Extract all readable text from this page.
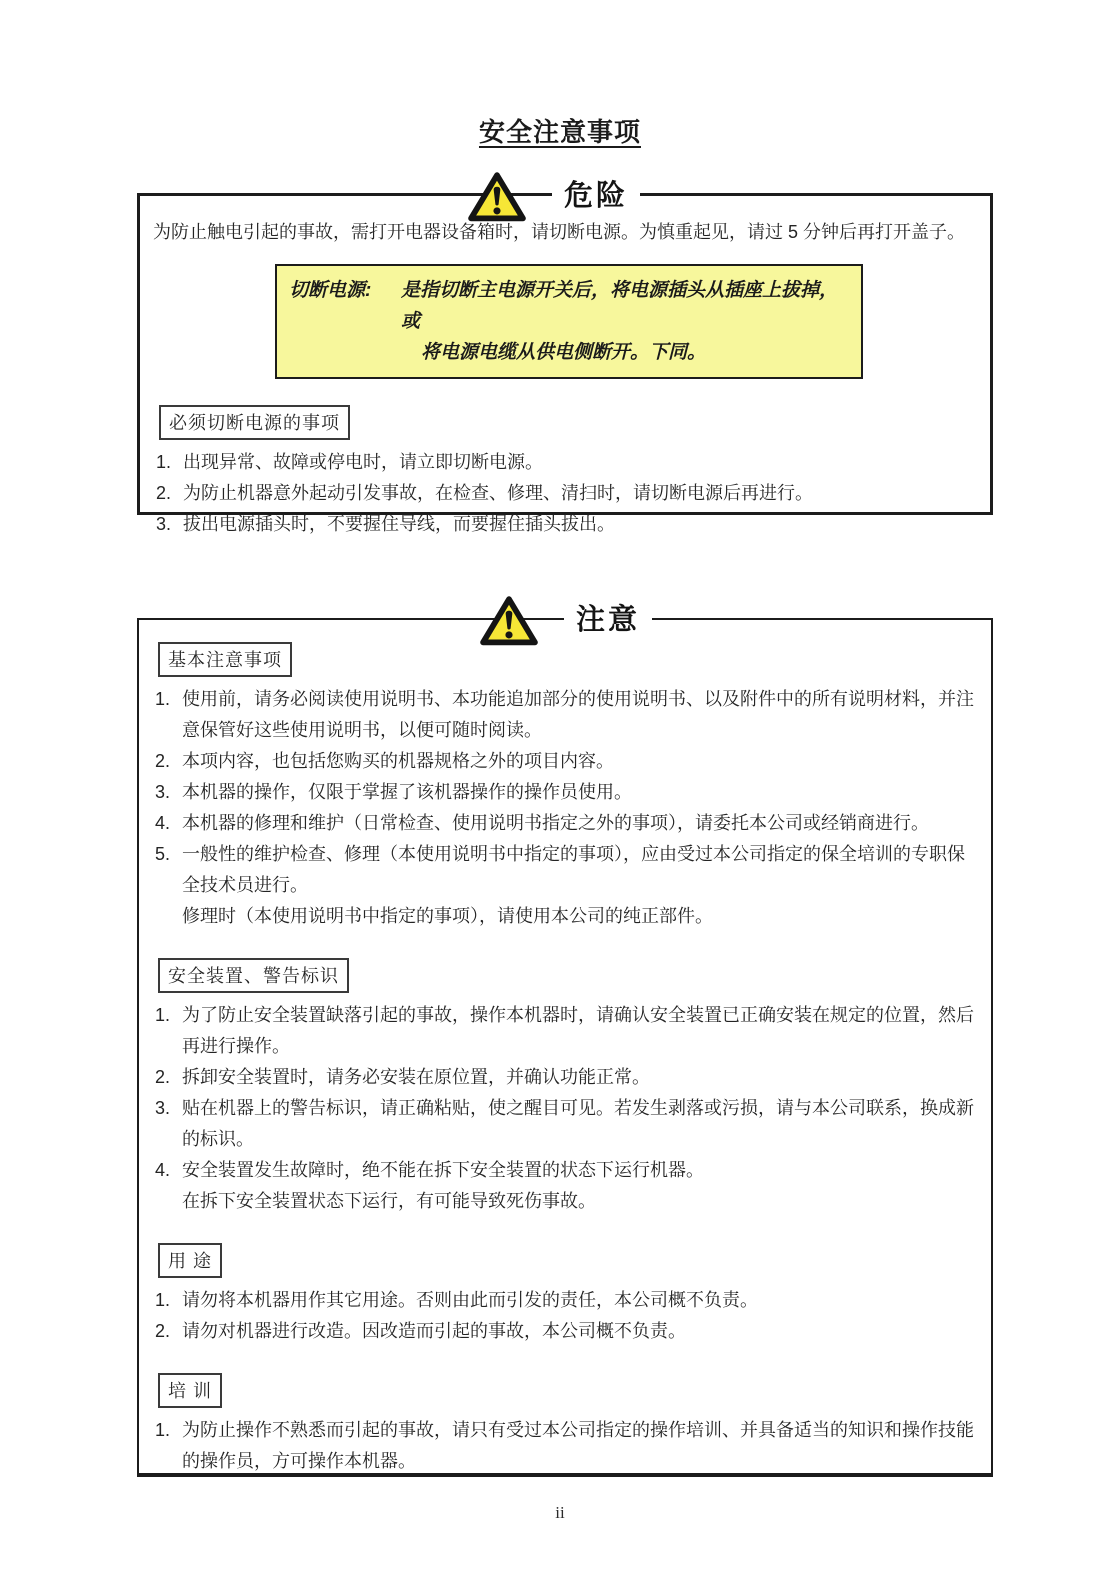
安全注意事项
危险

为防止触电引起的事故，需打开电器设备箱时，请切断电源。为慎重起见，请过 5 分钟后再打开盖子。

切断电源:	是指切断主电源开关后，将电源插头从插座上拔掉，或
将电源电缆从供电侧断开。下同。
必须切断电源的事项
1. 出现异常、故障或停电时，请立即切断电源。
2. 为防止机器意外起动引发事故，在检查、修理、清扫时，请切断电源后再进行。
3. 拔出电源插头时，不要握住导线，而要握住插头拔出。
注意
基本注意事项
1. 使用前，请务必阅读使用说明书、本功能追加部分的使用说明书、以及附件中的所有说明材料，并注意保管好这些使用说明书，以便可随时阅读。
2. 本项内容，也包括您购买的机器规格之外的项目内容。
3. 本机器的操作，仅限于掌握了该机器操作的操作员使用。
4. 本机器的修理和维护（日常检查、使用说明书指定之外的事项），请委托本公司或经销商进行。
5. 一般性的维护检查、修理（本使用说明书中指定的事项），应由受过本公司指定的保全培训的专职保全技术员进行。
修理时（本使用说明书中指定的事项），请使用本公司的纯正部件。
安全装置、警告标识
1. 为了防止安全装置缺落引起的事故，操作本机器时，请确认安全装置已正确安装在规定的位置，然后再进行操作。
2. 拆卸安全装置时，请务必安装在原位置，并确认功能正常。
3. 贴在机器上的警告标识，请正确粘贴，使之醒目可见。若发生剥落或污损，请与本公司联系，换成新的标识。
4. 安全装置发生故障时，绝不能在拆下安全装置的状态下运行机器。
在拆下安全装置状态下运行，有可能导致死伤事故。
用 途
1. 请勿将本机器用作其它用途。否则由此而引发的责任，本公司概不负责。
2. 请勿对机器进行改造。因改造而引起的事故，本公司概不负责。
培 训
1. 为防止操作不熟悉而引起的事故，请只有受过本公司指定的操作培训、并具备适当的知识和操作技能的操作员，方可操作本机器。
ii
